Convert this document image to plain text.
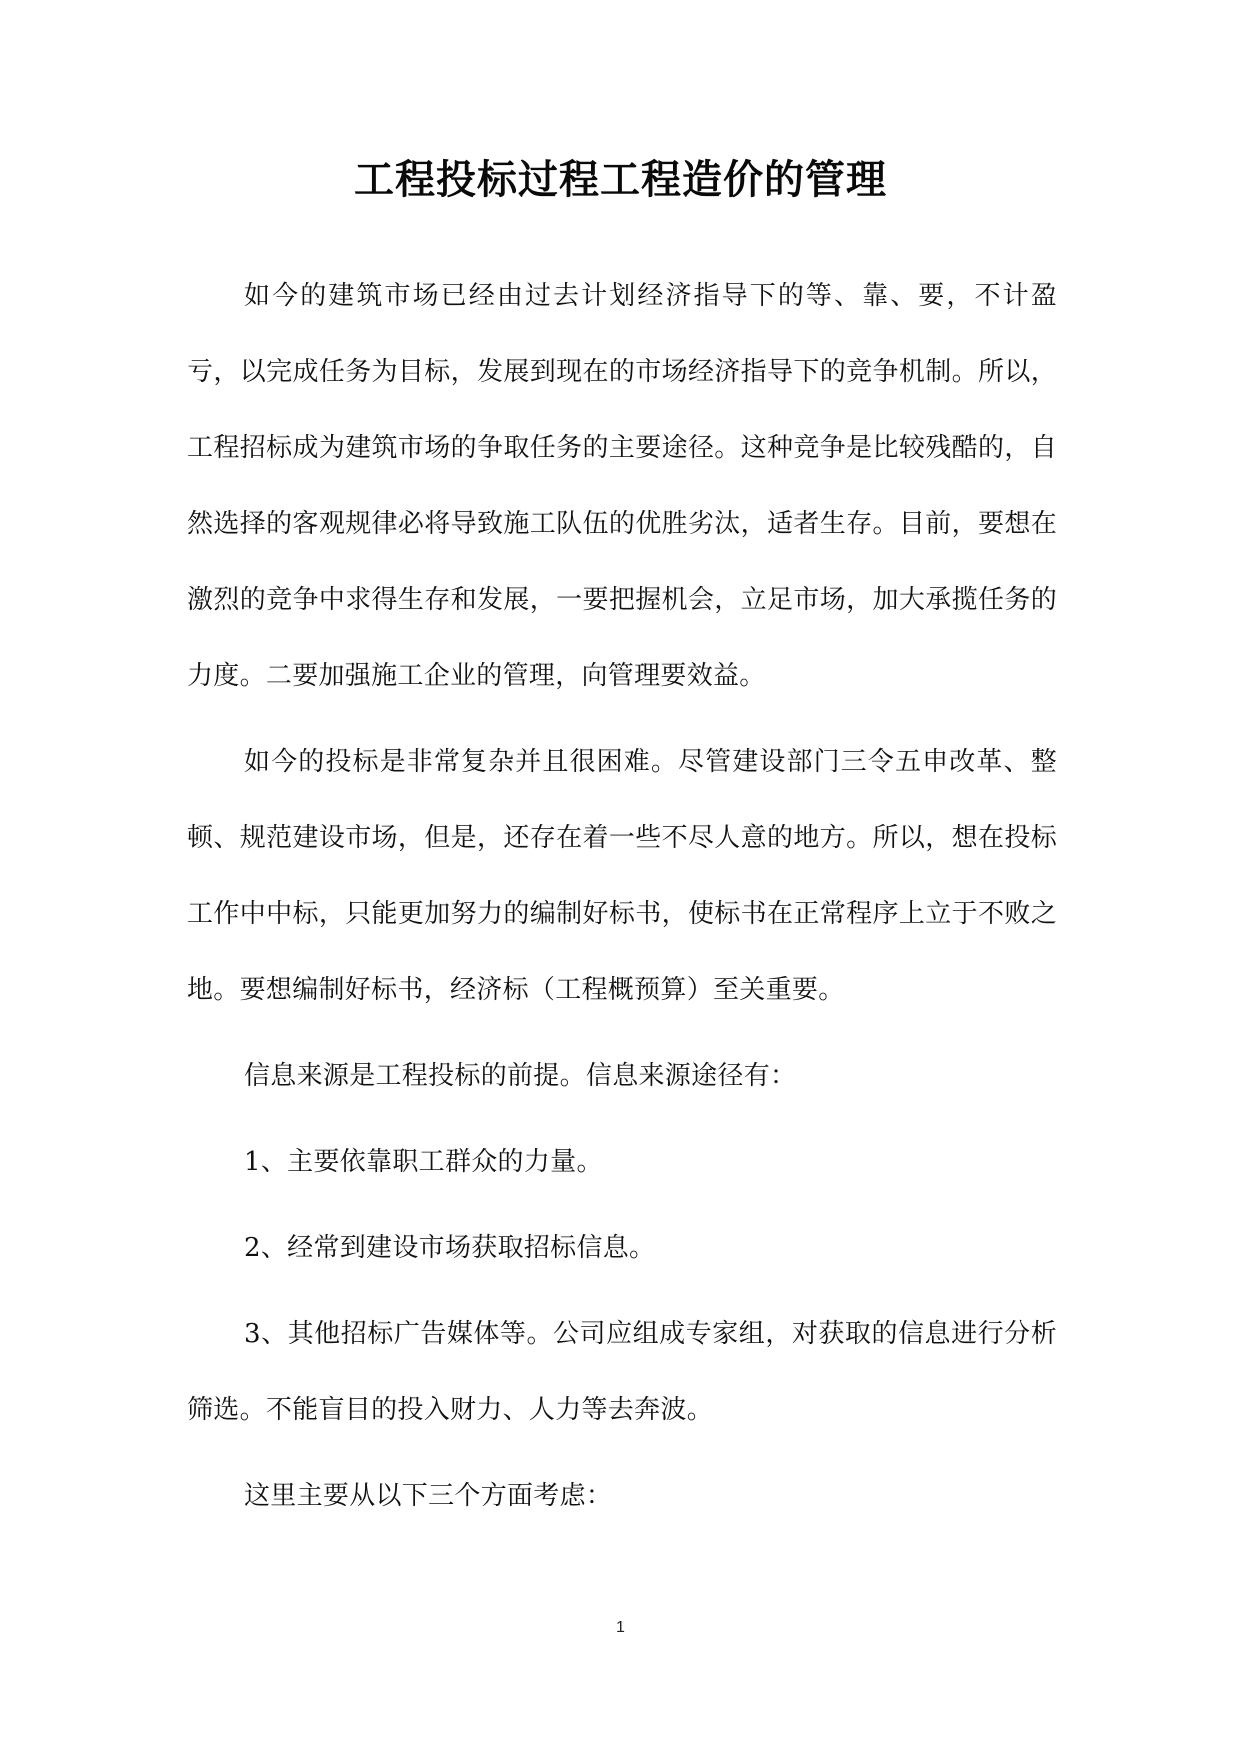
工程投标过程工程造价的管理

如今的建筑市场已经由过去计划经济指导下的等、靠、要，不计盈亏，以完成任务为目标，发展到现在的市场经济指导下的竞争机制。所以，工程招标成为建筑市场的争取任务的主要途径。这种竞争是比较残酷的，自然选择的客观规律必将导致施工队伍的优胜劣汰，适者生存。目前，要想在激烈的竞争中求得生存和发展，一要把握机会，立足市场，加大承揽任务的力度。二要加强施工企业的管理，向管理要效益。

如今的投标是非常复杂并且很困难。尽管建设部门三令五申改革、整顿、规范建设市场，但是，还存在着一些不尽人意的地方。所以，想在投标工作中中标，只能更加努力的编制好标书，使标书在正常程序上立于不败之地。要想编制好标书，经济标（工程概预算）至关重要。

信息来源是工程投标的前提。信息来源途径有：

1、主要依靠职工群众的力量。

2、经常到建设市场获取招标信息。

3、其他招标广告媒体等。公司应组成专家组，对获取的信息进行分析筛选。不能盲目的投入财力、人力等去奔波。

这里主要从以下三个方面考虑：

1
